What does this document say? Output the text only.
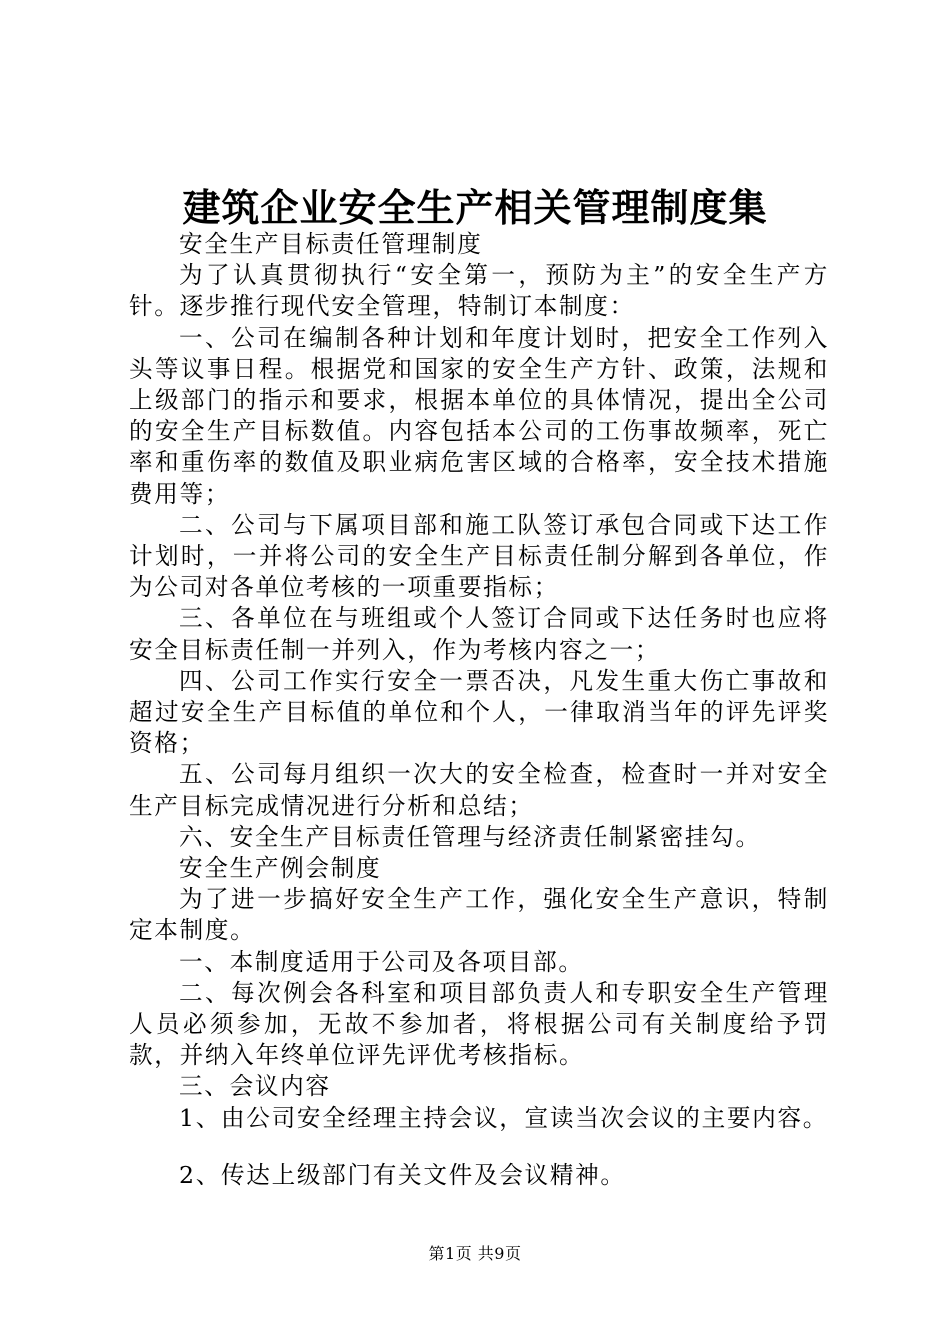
建筑企业安全生产相关管理制度集

安全生产目标责任管理制度

为了认真贯彻执行“安全第一，预防为主”的安全生产方针。逐步推行现代安全管理，特制订本制度：

一、公司在编制各种计划和年度计划时，把安全工作列入头等议事日程。根据党和国家的安全生产方针、政策，法规和上级部门的指示和要求，根据本单位的具体情况，提出全公司的安全生产目标数值。内容包括本公司的工伤事故频率，死亡率和重伤率的数值及职业病危害区域的合格率，安全技术措施费用等；

二、公司与下属项目部和施工队签订承包合同或下达工作计划时，一并将公司的安全生产目标责任制分解到各单位，作为公司对各单位考核的一项重要指标；

三、各单位在与班组或个人签订合同或下达任务时也应将安全目标责任制一并列入，作为考核内容之一；

四、公司工作实行安全一票否决，凡发生重大伤亡事故和超过安全生产目标值的单位和个人，一律取消当年的评先评奖资格；

五、公司每月组织一次大的安全检查，检查时一并对安全生产目标完成情况进行分析和总结；

六、安全生产目标责任管理与经济责任制紧密挂勾。

安全生产例会制度

为了进一步搞好安全生产工作，强化安全生产意识，特制定本制度。

一、本制度适用于公司及各项目部。

二、每次例会各科室和项目部负责人和专职安全生产管理人员必须参加，无故不参加者，将根据公司有关制度给予罚款，并纳入年终单位评先评优考核指标。

三、会议内容

1、由公司安全经理主持会议，宣读当次会议的主要内容。

2、传达上级部门有关文件及会议精神。

第1页 共9页
